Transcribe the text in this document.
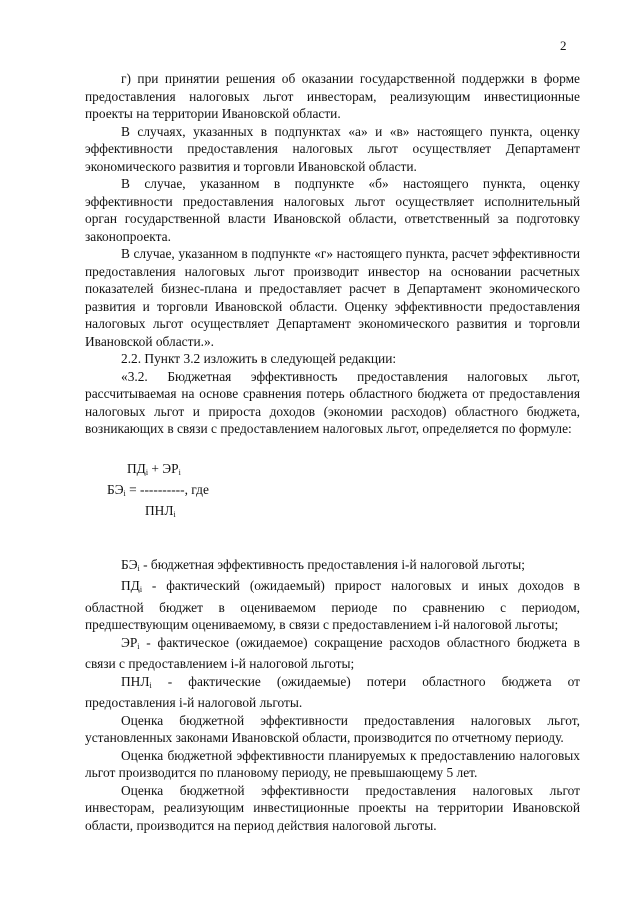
2

г) при принятии решения об оказании государственной поддержки в форме предоставления налоговых льгот инвесторам, реализующим инвестиционные проекты на территории Ивановской области.

В случаях, указанных в подпунктах «а» и «в» настоящего пункта, оценку эффективности предоставления налоговых льгот осуществляет Департамент экономического развития и торговли Ивановской области.

В случае, указанном в подпункте «б» настоящего пункта, оценку эффективности предоставления налоговых льгот осуществляет исполнительный орган государственной власти Ивановской области, ответственный за подготовку законопроекта.

В случае, указанном в подпункте «г» настоящего пункта, расчет эффективности предоставления налоговых льгот производит инвестор на основании расчетных показателей бизнес-плана и предоставляет расчет в Департамент экономического развития и торговли Ивановской области. Оценку эффективности предоставления налоговых льгот осуществляет Департамент экономического развития и торговли Ивановской области.».

2.2. Пункт 3.2 изложить в следующей редакции:

«3.2. Бюджетная эффективность предоставления налоговых льгот, рассчитываемая на основе сравнения потерь областного бюджета от предоставления налоговых льгот и прироста доходов (экономии расходов) областного бюджета, возникающих в связи с предоставлением налоговых льгот, определяется по формуле:

$ПД_i + ЭР_i$
$БЭ_i$ = ----------, где
$ПНЛ_i$

$БЭ_i$ - бюджетная эффективность предоставления i-й налоговой льготы;

$ПД_i$ - фактический (ожидаемый) прирост налоговых и иных доходов в областной бюджет в оцениваемом периоде по сравнению с периодом, предшествующим оцениваемому, в связи с предоставлением i-й налоговой льготы;

$ЭР_i$ - фактическое (ожидаемое) сокращение расходов областного бюджета в связи с предоставлением i-й налоговой льготы;

$ПНЛ_i$ - фактические (ожидаемые) потери областного бюджета от предоставления i-й налоговой льготы.

Оценка бюджетной эффективности предоставления налоговых льгот, установленных законами Ивановской области, производится по отчетному периоду.

Оценка бюджетной эффективности планируемых к предоставлению налоговых льгот производится по плановому периоду, не превышающему 5 лет.

Оценка бюджетной эффективности предоставления налоговых льгот инвесторам, реализующим инвестиционные проекты на территории Ивановской области, производится на период действия налоговой льготы.
